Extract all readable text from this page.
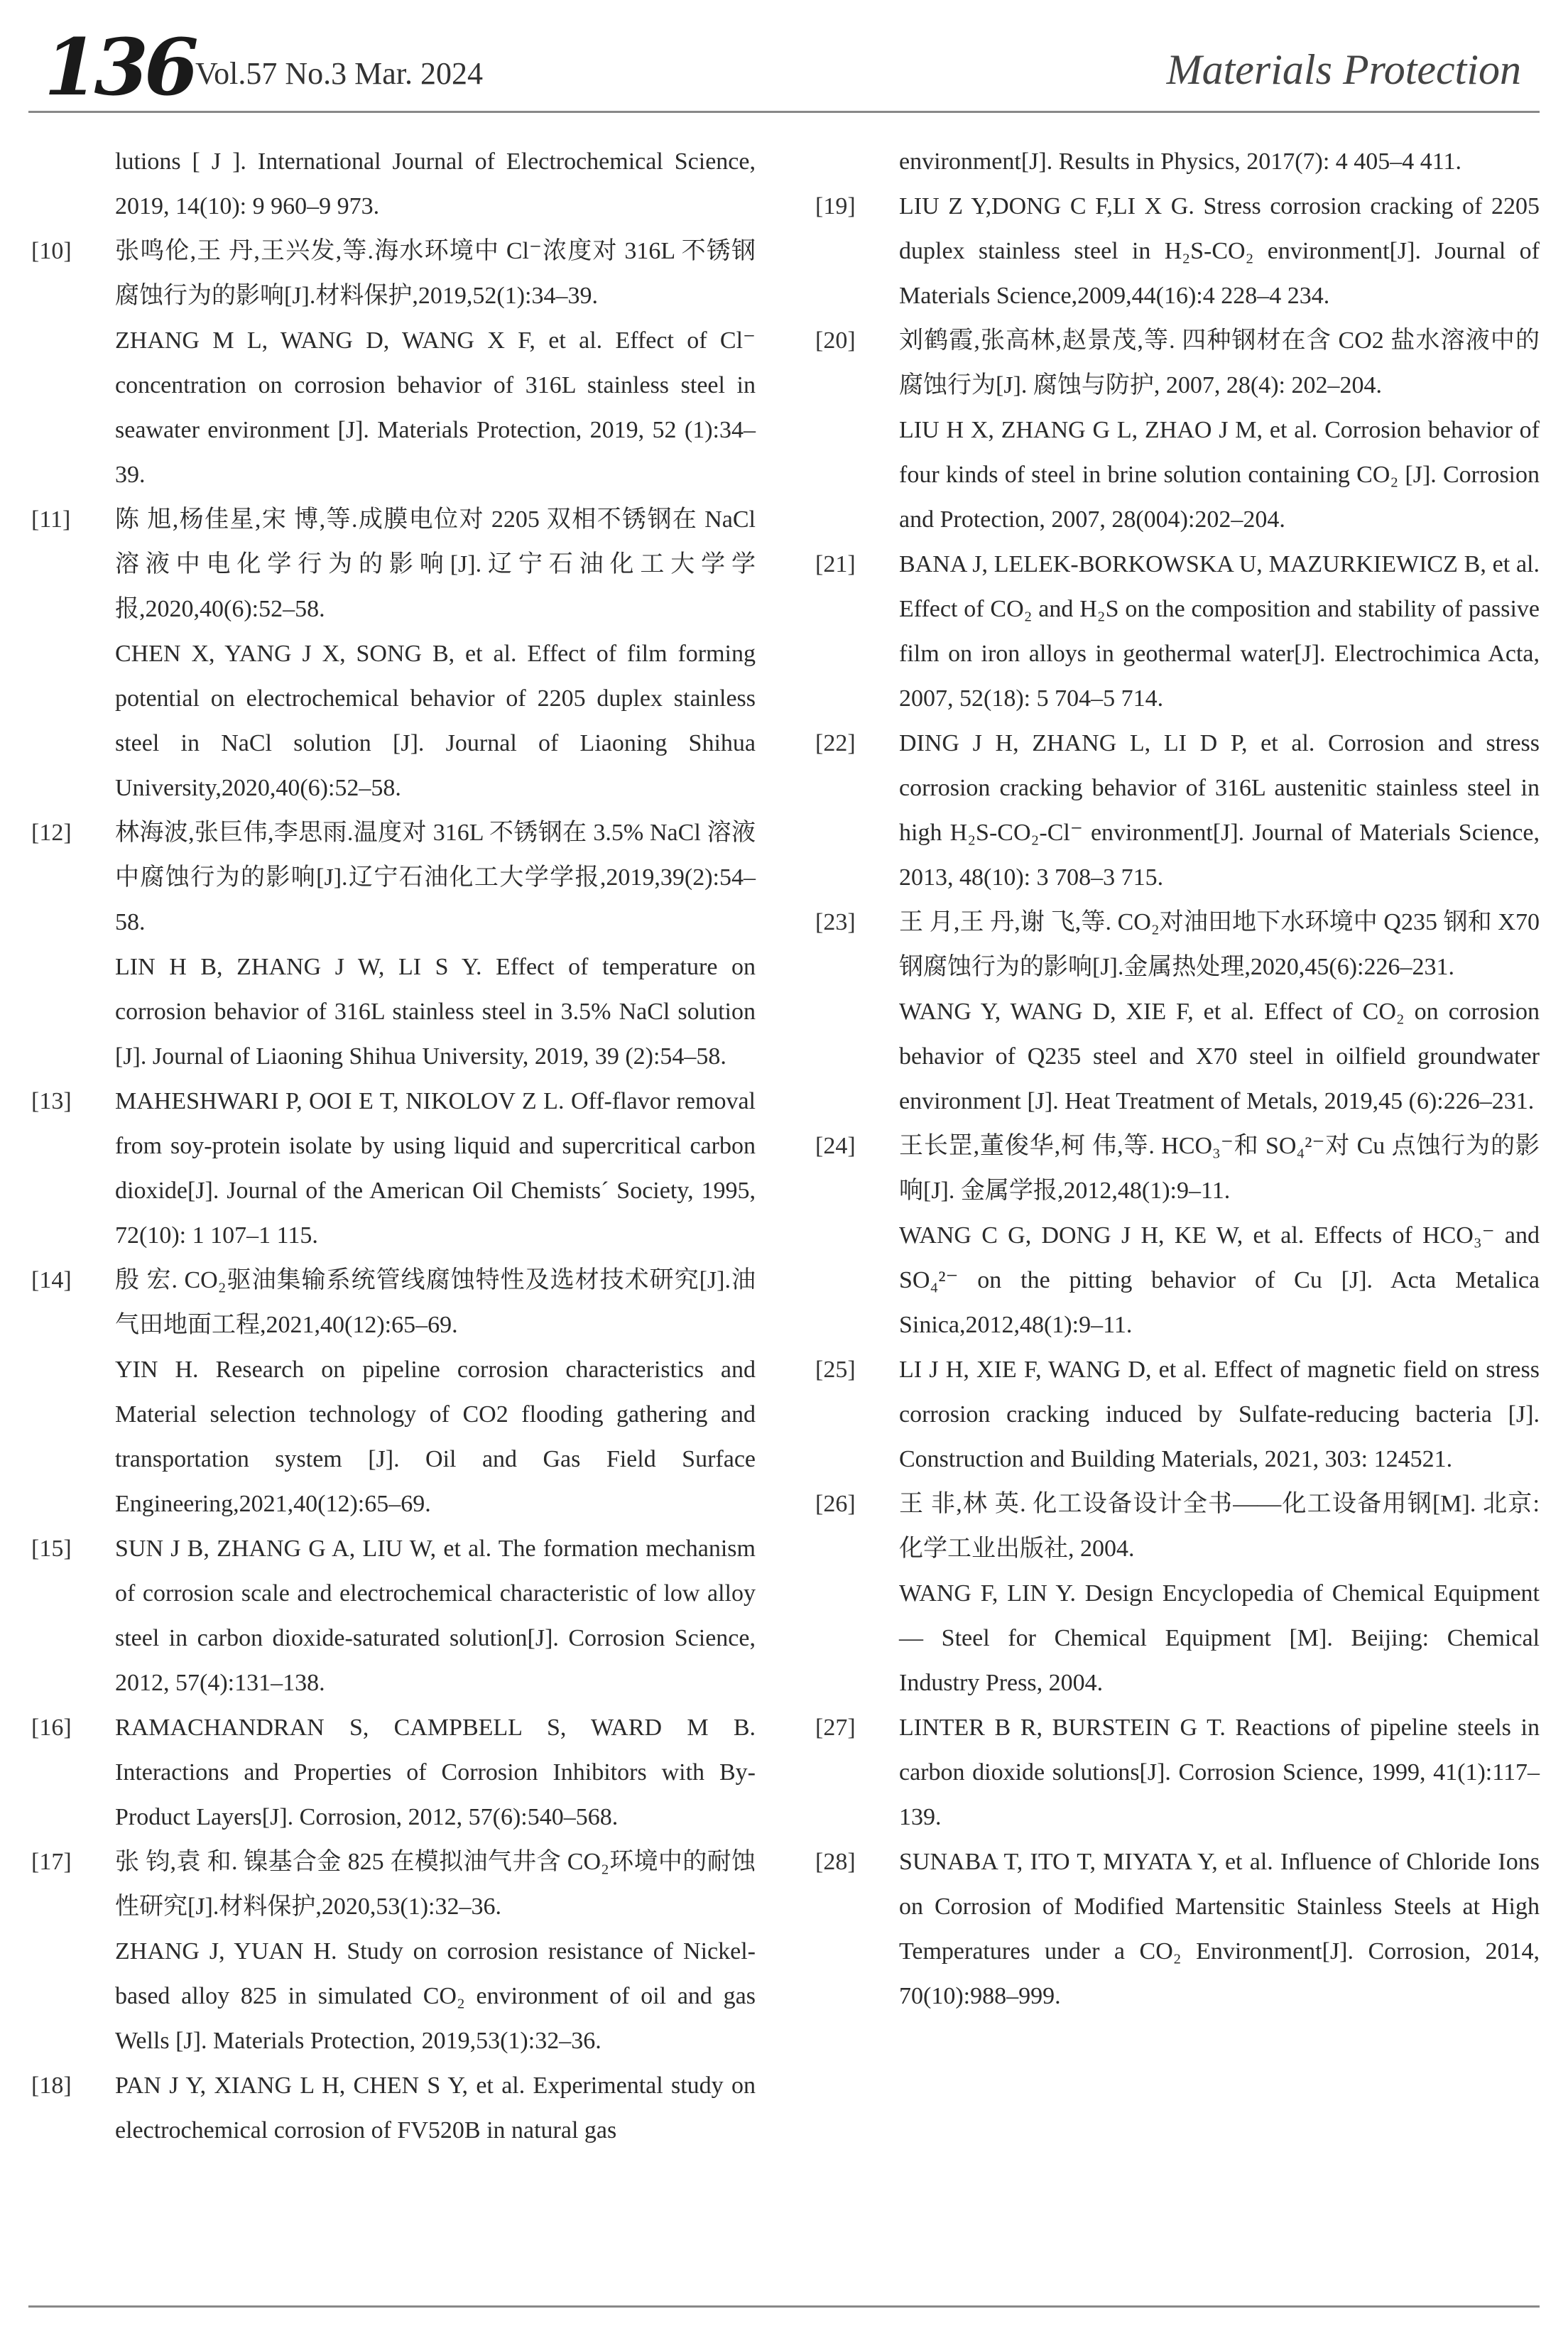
136 Vol.57 No.3 Mar. 2024	Materials Protection

lutions [ J ]. International Journal of Electrochemical Science, 2019, 14(10): 9 960–9 973.

[10]	张鸣伦,王 丹,王兴发,等.海水环境中 Cl⁻浓度对 316L 不锈钢腐蚀行为的影响[J].材料保护,2019,52(1):34–39.

ZHANG M L, WANG D, WANG X F, et al. Effect of Cl⁻ concentration on corrosion behavior of 316L stainless steel in seawater environment [J]. Materials Protection, 2019, 52 (1):34–39.

[11]	陈 旭,杨佳星,宋 博,等.成膜电位对 2205 双相不锈钢在 NaCl 溶液中电化学行为的影响[J].辽宁石油化工大学学报,2020,40(6):52–58.

CHEN X, YANG J X, SONG B, et al. Effect of film forming potential on electrochemical behavior of 2205 duplex stainless steel in NaCl solution [J]. Journal of Liaoning Shihua University,2020,40(6):52–58.

[12]	林海波,张巨伟,李思雨.温度对 316L 不锈钢在 3.5% NaCl 溶液中腐蚀行为的影响[J].辽宁石油化工大学学报,2019,39(2):54–58.

LIN H B, ZHANG J W, LI S Y. Effect of temperature on corrosion behavior of 316L stainless steel in 3.5% NaCl solution [J]. Journal of Liaoning Shihua University, 2019, 39 (2):54–58.

[13]	MAHESHWARI P, OOI E T, NIKOLOV Z L. Off-flavor removal from soy-protein isolate by using liquid and supercritical carbon dioxide[J]. Journal of the American Oil Chemists´ Society, 1995, 72(10): 1 107–1 115.

[14]	殷 宏. CO₂驱油集输系统管线腐蚀特性及选材技术研究[J].油气田地面工程,2021,40(12):65–69.

YIN H. Research on pipeline corrosion characteristics and Material selection technology of CO2 flooding gathering and transportation system [J]. Oil and Gas Field Surface Engineering,2021,40(12):65–69.

[15]	SUN J B, ZHANG G A, LIU W, et al. The formation mechanism of corrosion scale and electrochemical characteristic of low alloy steel in carbon dioxide-saturated solution[J]. Corrosion Science, 2012, 57(4):131–138.

[16]	RAMACHANDRAN S, CAMPBELL S, WARD M B. Interactions and Properties of Corrosion Inhibitors with By-Product Layers[J]. Corrosion, 2012, 57(6):540–568.

[17]	张 钧,袁 和. 镍基合金 825 在模拟油气井含 CO₂环境中的耐蚀性研究[J].材料保护,2020,53(1):32–36.

ZHANG J, YUAN H. Study on corrosion resistance of Nickel-based alloy 825 in simulated CO₂ environment of oil and gas Wells [J]. Materials Protection, 2019,53(1):32–36.

[18]	PAN J Y, XIANG L H, CHEN S Y, et al. Experimental study on electrochemical corrosion of FV520B in natural gas

environment[J]. Results in Physics, 2017(7): 4 405–4 411.

[19]	LIU Z Y,DONG C F,LI X G. Stress corrosion cracking of 2205 duplex stainless steel in H₂S-CO₂ environment[J]. Journal of Materials Science,2009,44(16):4 228–4 234.

[20]	刘鹤霞,张高林,赵景茂,等. 四种钢材在含 CO2 盐水溶液中的腐蚀行为[J]. 腐蚀与防护, 2007, 28(4): 202–204.

LIU H X, ZHANG G L, ZHAO J M, et al. Corrosion behavior of four kinds of steel in brine solution containing CO₂ [J]. Corrosion and Protection, 2007, 28(004):202–204.

[21]	BANA J, LELEK-BORKOWSKA U, MAZURKIEWICZ B, et al. Effect of CO₂ and H₂S on the composition and stability of passive film on iron alloys in geothermal water[J]. Electrochimica Acta, 2007, 52(18): 5 704–5 714.

[22]	DING J H, ZHANG L, LI D P, et al. Corrosion and stress corrosion cracking behavior of 316L austenitic stainless steel in high H₂S-CO₂-Cl⁻ environment[J]. Journal of Materials Science, 2013, 48(10): 3 708–3 715.

[23]	王 月,王 丹,谢 飞,等. CO₂对油田地下水环境中 Q235 钢和 X70 钢腐蚀行为的影响[J].金属热处理,2020,45(6):226–231.

WANG Y, WANG D, XIE F, et al. Effect of CO₂ on corrosion behavior of Q235 steel and X70 steel in oilfield groundwater environment [J]. Heat Treatment of Metals, 2019,45 (6):226–231.

[24]	王长罡,董俊华,柯 伟,等. HCO₃⁻和 SO₄²⁻对 Cu 点蚀行为的影响[J]. 金属学报,2012,48(1):9–11.

WANG C G, DONG J H, KE W, et al. Effects of HCO₃⁻ and SO₄²⁻ on the pitting behavior of Cu [J]. Acta Metalica Sinica,2012,48(1):9–11.

[25]	LI J H, XIE F, WANG D, et al. Effect of magnetic field on stress corrosion cracking induced by Sulfate-reducing bacteria [J]. Construction and Building Materials, 2021, 303: 124521.

[26]	王 非,林 英. 化工设备设计全书——化工设备用钢[M]. 北京:化学工业出版社, 2004.

WANG F, LIN Y. Design Encyclopedia of Chemical Equipment — Steel for Chemical Equipment [M]. Beijing: Chemical Industry Press, 2004.

[27]	LINTER B R, BURSTEIN G T. Reactions of pipeline steels in carbon dioxide solutions[J]. Corrosion Science, 1999, 41(1):117–139.

[28]	SUNABA T, ITO T, MIYATA Y, et al. Influence of Chloride Ions on Corrosion of Modified Martensitic Stainless Steels at High Temperatures under a CO₂ Environment[J]. Corrosion, 2014, 70(10):988–999.
